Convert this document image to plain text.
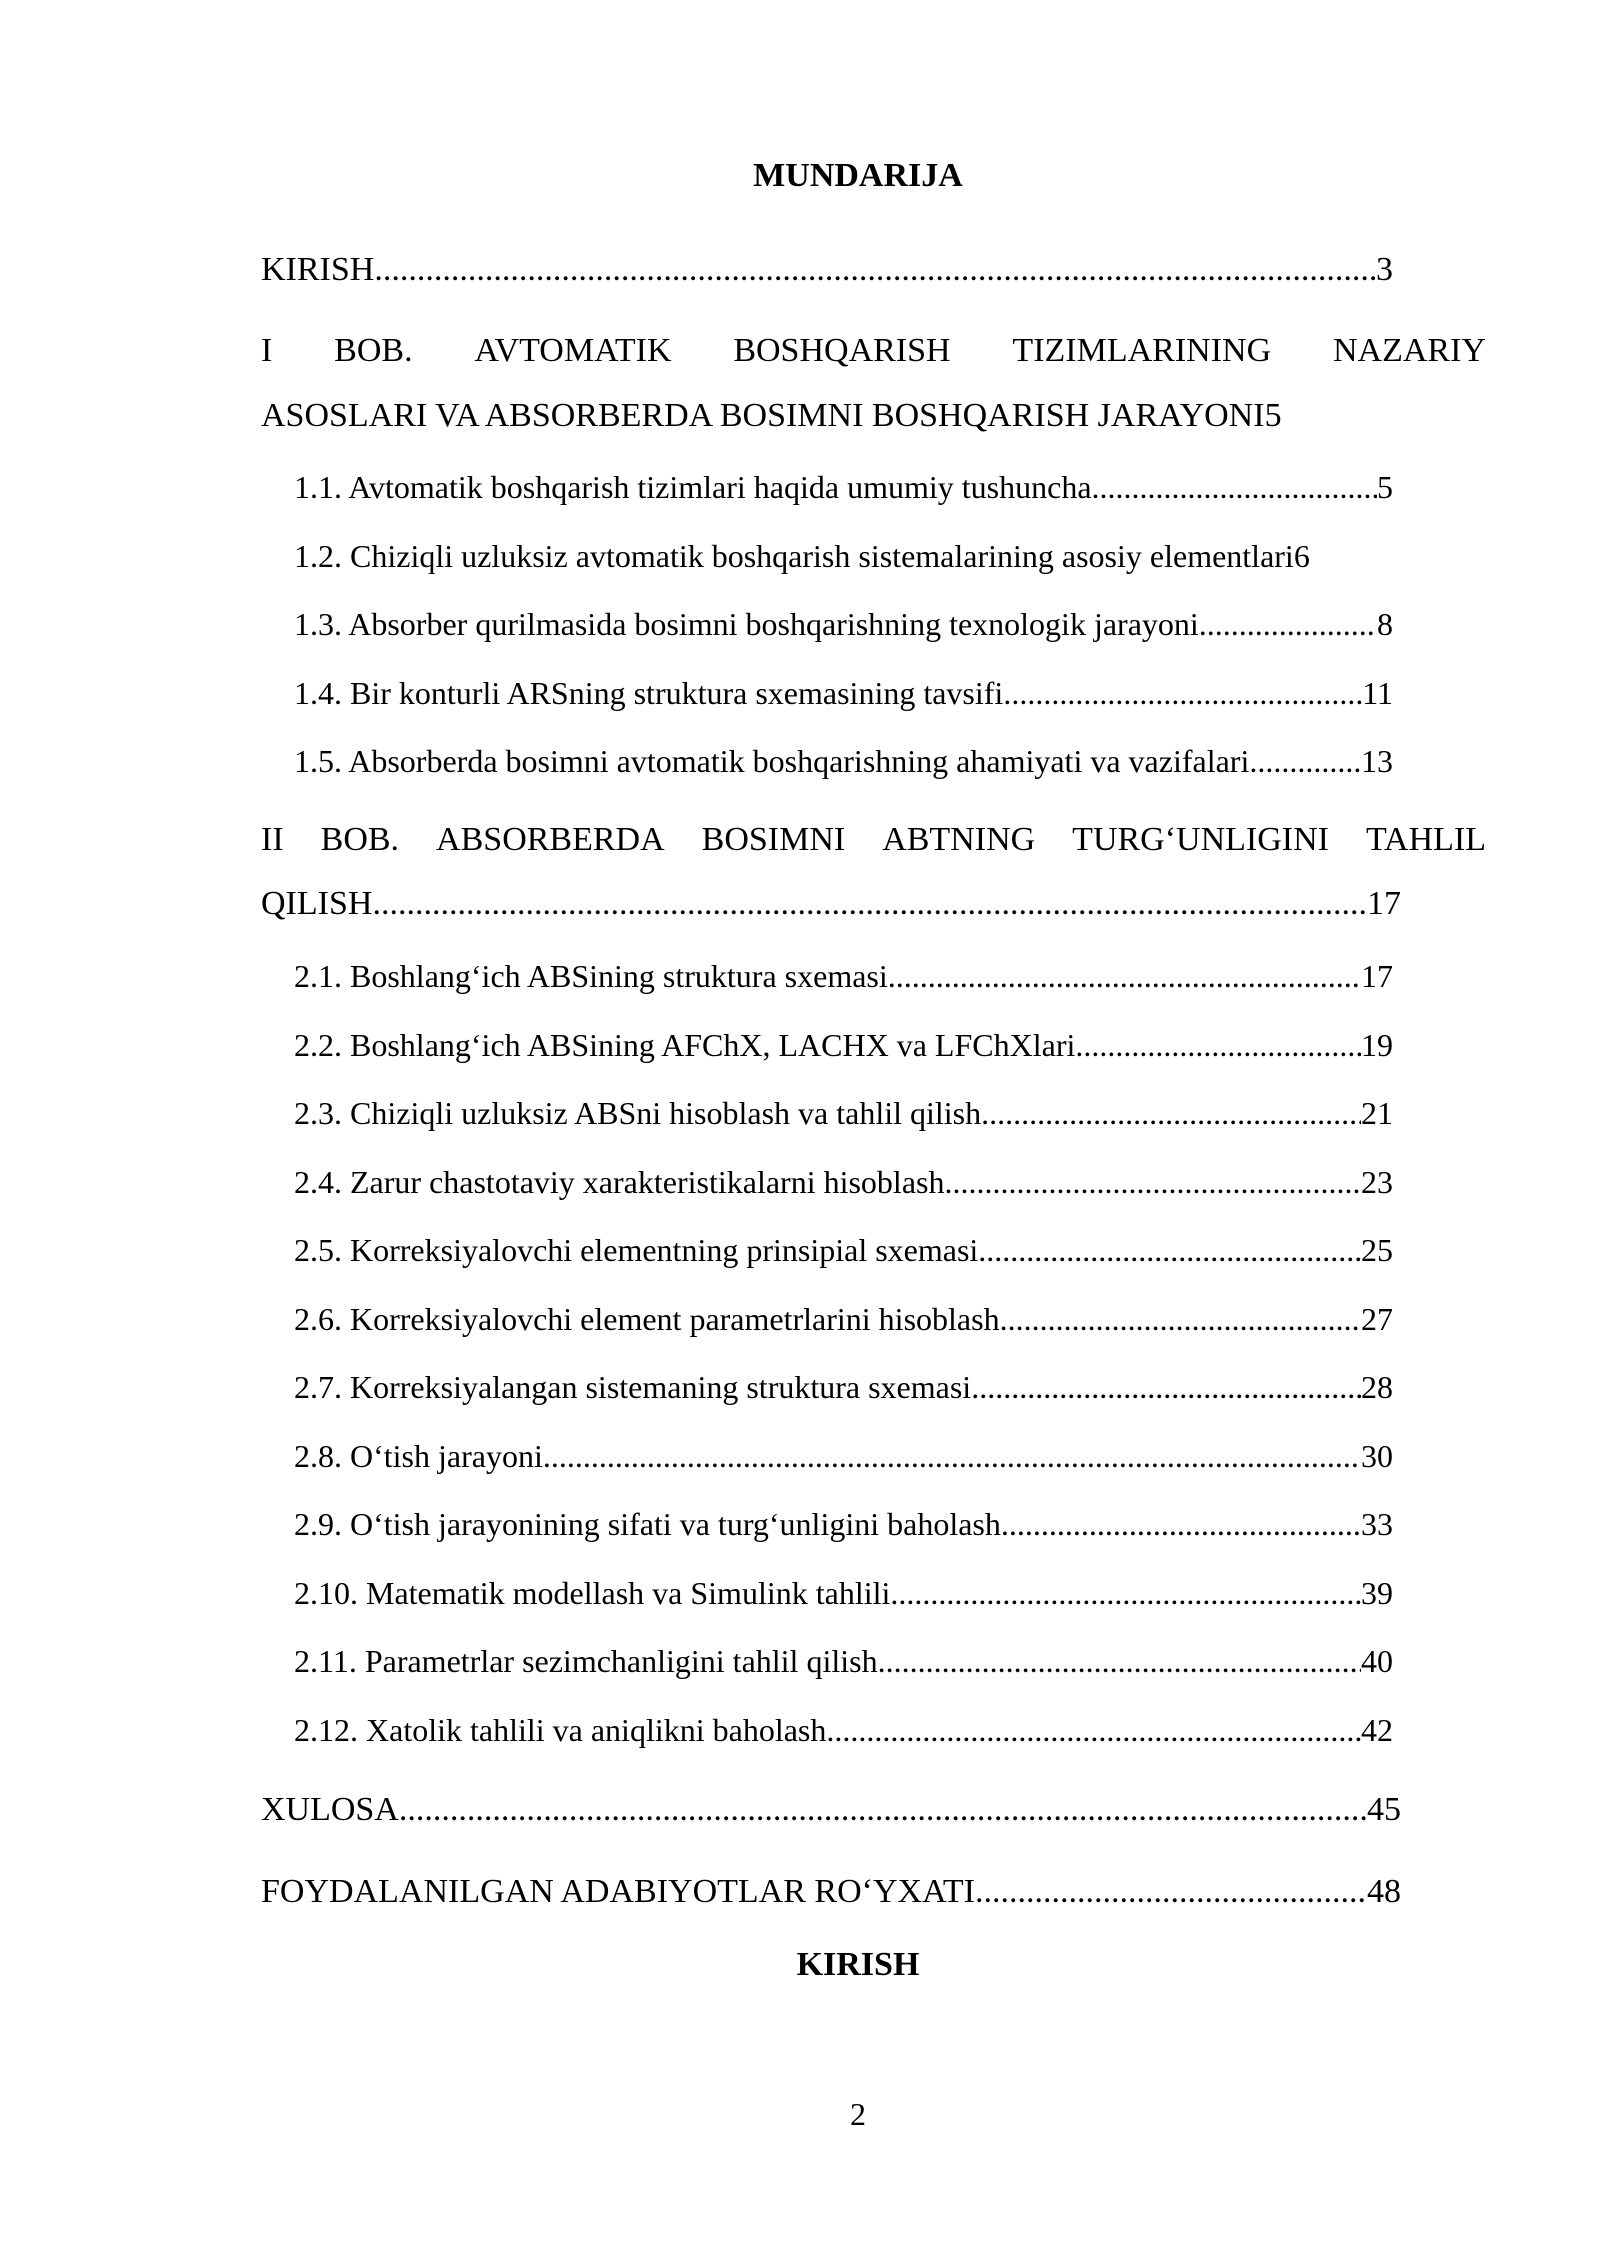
MUNDARIJA
KIRISH .....	3
I BOB. AVTOMATIK BOSHQARISH TIZIMLARINING NAZARIY
ASOSLARI VA ABSORBERDA BOSIMNI BOSHQARISH JARAYONI 5
1.1. Avtomatik boshqarish tizimlari haqida umumiy tushuncha .....	5
1.2. Chiziqli uzluksiz avtomatik boshqarish sistemalarining asosiy elementlari 6
1.3. Absorber qurilmasida bosimni boshqarishning texnologik jarayoni .....	8
1.4. Bir konturli ARSning struktura sxemasining tavsifi .....	11
1.5. Absorberda bosimni avtomatik boshqarishning ahamiyati va vazifalari .....	13
II BOB. ABSORBERDA BOSIMNI ABTNING TURG‘UNLIGINI TAHLIL
QILISH .....	17
2.1. Boshlang‘ich ABSining struktura sxemasi .....	17
2.2. Boshlang‘ich ABSining AFChX, LACHX va LFChXlari .....	19
2.3. Chiziqli uzluksiz ABSni hisoblash va tahlil qilish .....	21
2.4. Zarur chastotaviy xarakteristikalarni hisoblash .....	23
2.5. Korreksiyalovchi elementning prinsipial sxemasi .....	25
2.6. Korreksiyalovchi element parametrlarini hisoblash .....	27
2.7. Korreksiyalangan sistemaning struktura sxemasi .....	28
2.8. O‘tish jarayoni .....	30
2.9. O‘tish jarayonining sifati va turg‘unligini baholash .....	33
2.10. Matematik modellash va Simulink tahlili .....	39
2.11. Parametrlar sezimchanligini tahlil qilish .....	40
2.12. Xatolik tahlili va aniqlikni baholash .....	42
XULOSA .....	45
FOYDALANILGAN ADABIYOTLAR RO‘YXATI .....	48
KIRISH
2
